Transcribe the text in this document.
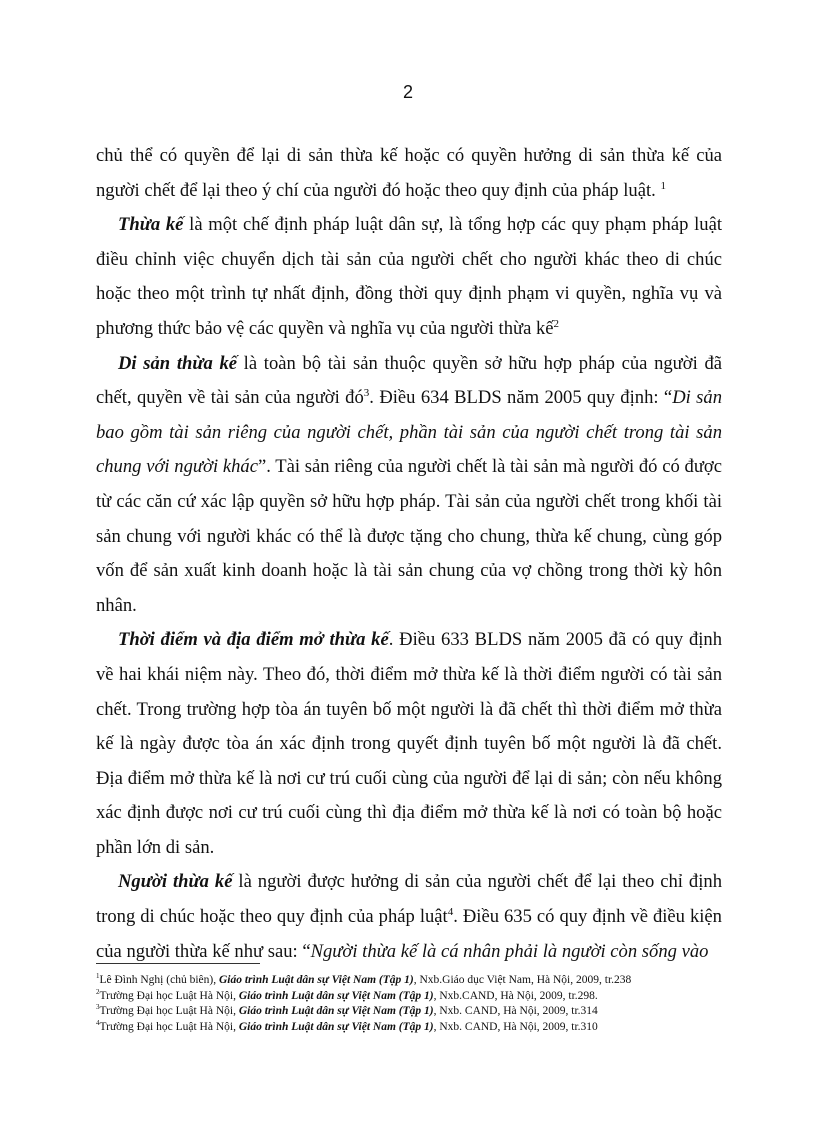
2

chủ thể có quyền để lại di sản thừa kế hoặc có quyền hưởng di sản thừa kế của người chết để lại theo ý chí của người đó hoặc theo quy định của pháp luật. $^1$

Thừa kế là một chế định pháp luật dân sự, là tổng hợp các quy phạm pháp luật điều chỉnh việc chuyển dịch tài sản của người chết cho người khác theo di chúc hoặc theo một trình tự nhất định, đồng thời quy định phạm vi quyền, nghĩa vụ và phương thức bảo vệ các quyền và nghĩa vụ của người thừa kế$^2$

Di sản thừa kế là toàn bộ tài sản thuộc quyền sở hữu hợp pháp của người đã chết, quyền về tài sản của người $đó^3$. Điều 634 BLDS năm 2005 quy định: “Di sản bao gồm tài sản riêng của người chết, phần tài sản của người chết trong tài sản chung với người khác”. Tài sản riêng của người chết là tài sản mà người đó có được từ các căn cứ xác lập quyền sở hữu hợp pháp. Tài sản của người chết trong khối tài sản chung với người khác có thể là được tặng cho chung, thừa kế chung, cùng góp vốn để sản xuất kinh doanh hoặc là tài sản chung của vợ chồng trong thời kỳ hôn nhân.

Thời điểm và địa điểm mở thừa kế. Điều 633 BLDS năm 2005 đã có quy định về hai khái niệm này. Theo đó, thời điểm mở thừa kế là thời điểm người có tài sản chết. Trong trường hợp tòa án tuyên bố một người là đã chết thì thời điểm mở thừa kế là ngày được tòa án xác định trong quyết định tuyên bố một người là đã chết. Địa điểm mở thừa kế là nơi cư trú cuối cùng của người để lại di sản; còn nếu không xác định được nơi cư trú cuối cùng thì địa điểm mở thừa kế là nơi có toàn bộ hoặc phần lớn di sản.

Người thừa kế là người được hưởng di sản của người chết để lại theo chỉ định trong di chúc hoặc theo quy định của pháp luật$^4$. Điều 635 có quy định về điều kiện của người thừa kế như sau: “Người thừa kế là cá nhân phải là người còn sống vào

$^1$Lê Đình Nghị (chủ biên), Giáo trình Luật dân sự Việt Nam (Tập 1), Nxb.Giáo dục Việt Nam, Hà Nội, 2009, tr.238
$^2$Trường Đại học Luật Hà Nội, Giáo trình Luật dân sự Việt Nam (Tập 1), Nxb.CAND, Hà Nội, 2009, tr.298.
$^3$Trường Đại học Luật Hà Nội, Giáo trình Luật dân sự Việt Nam (Tập 1), Nxb. CAND, Hà Nội, 2009, tr.314
$^4$Trường Đại học Luật Hà Nội, Giáo trình Luật dân sự Việt Nam (Tập 1), Nxb. CAND, Hà Nội, 2009, tr.310
